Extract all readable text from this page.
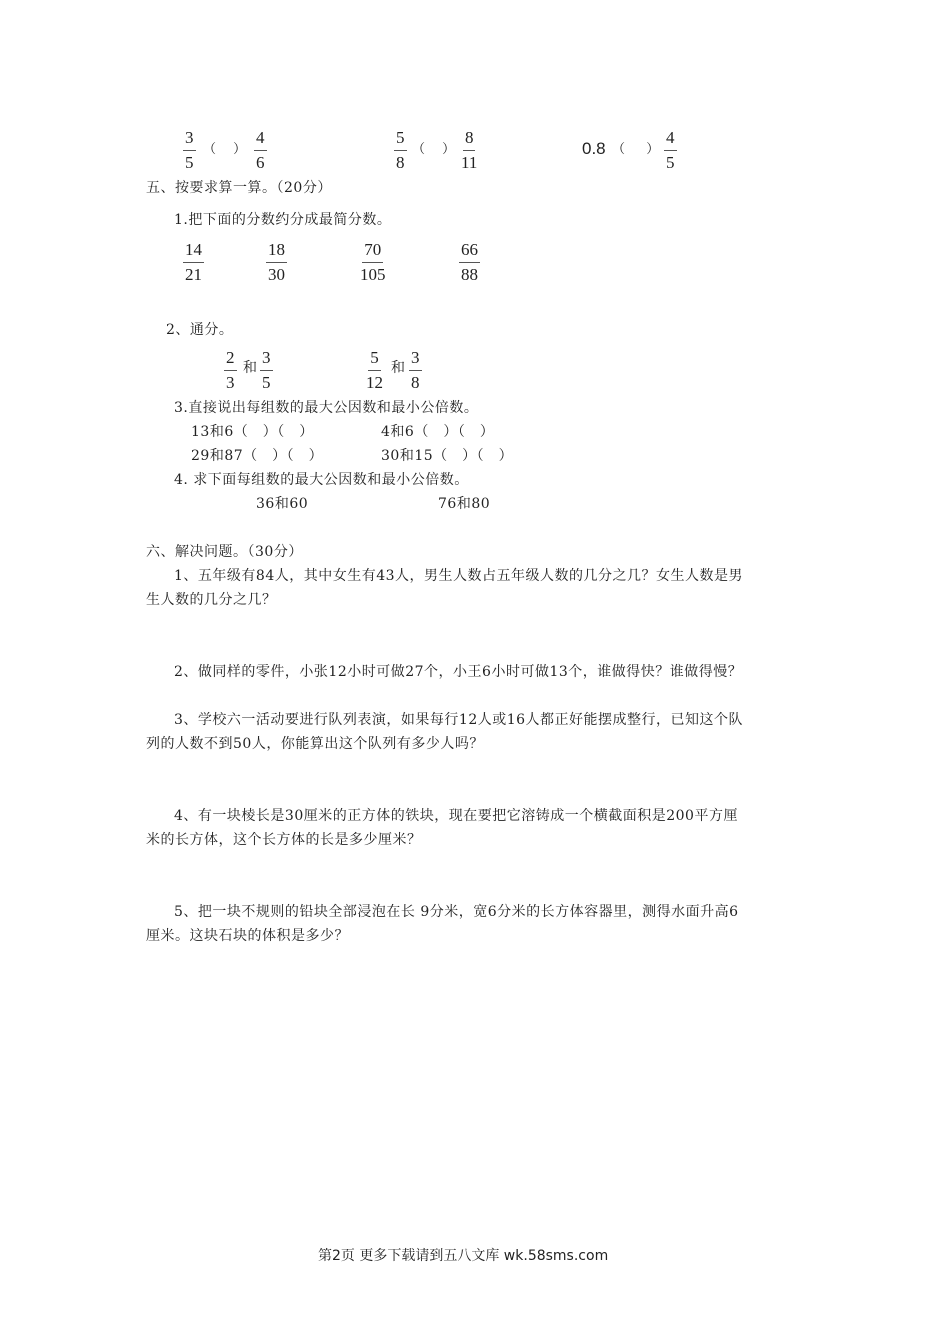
$\frac{3}{5}$ （ 　） $\frac{4}{6}$	$\frac{5}{8}$ （ 　） $\frac{8}{11}$	0.8 （ 　 ） $\frac{4}{5}$
五、按要求算一算。（20分）
1.把下面的分数约分成最简分数。
$\frac{14}{21}$	$\frac{18}{30}$	$\frac{70}{105}$	$\frac{66}{88}$
2、通分。
$\frac{2}{3}$ 和 $\frac{3}{5}$	$\frac{5}{12}$ 和 $\frac{3}{8}$
3.直接说出每组数的最大公因数和最小公倍数。
13和6（　）（　）	4和6（　）（　）
29和87（　）（　）	30和15（　）（　）
4. 求下面每组数的最大公因数和最小公倍数。
36和60	76和80
六、解决问题。（30分）
1、五年级有84人，其中女生有43人，男生人数占五年级人数的几分之几？女生人数是男
生人数的几分之几？
2、做同样的零件，小张12小时可做27个，小王6小时可做13个，谁做得快？谁做得慢？
3、学校六一活动要进行队列表演，如果每行12人或16人都正好能摆成整行，已知这个队
列的人数不到50人，你能算出这个队列有多少人吗？
4、有一块棱长是30厘米的正方体的铁块，现在要把它溶铸成一个横截面积是200平方厘
米的长方体，这个长方体的长是多少厘米？
5、把一块不规则的铅块全部浸泡在长 9分米，宽6分米的长方体容器里，测得水面升高6
厘米。这块石块的体积是多少？
第2页 更多下载请到五八文库 wk.58sms.com
